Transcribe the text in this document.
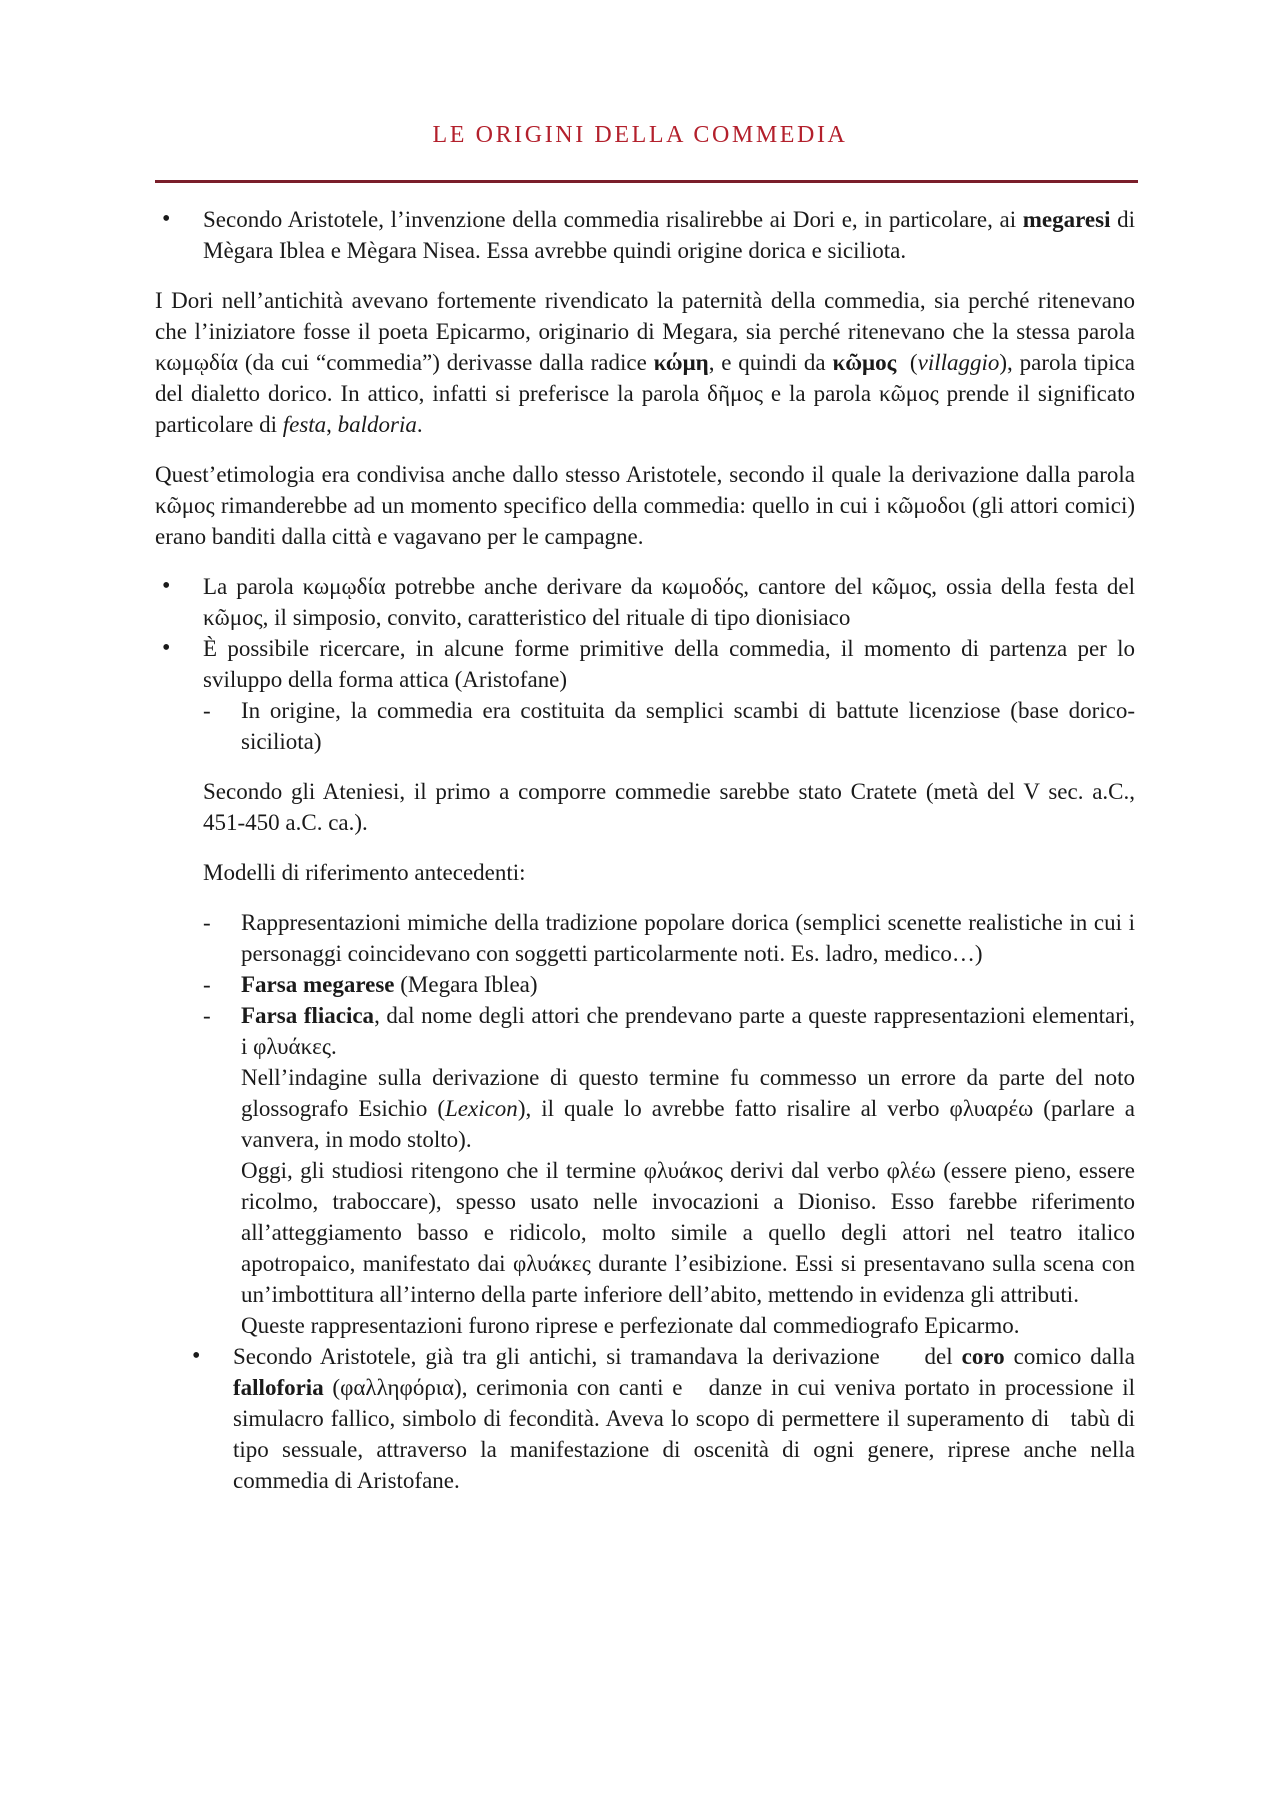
LE ORIGINI DELLA COMMEDIA
• Secondo Aristotele, l’invenzione della commedia risalirebbe ai Dori e, in particolare, ai megaresi di Mègara Iblea e Mègara Nisea. Essa avrebbe quindi origine dorica e siciliota.

I Dori nell’antichità avevano fortemente rivendicato la paternità della commedia, sia perché ritenevano che l’iniziatore fosse il poeta Epicarmo, originario di Megara, sia perché ritenevano che la stessa parola κωμῳδία (da cui “commedia”) derivasse dalla radice κώμη, e quindi da κῶμος  (villaggio), parola tipica del dialetto dorico. In attico, infatti si preferisce la parola δῆμος e la parola κῶμος prende il significato particolare di festa, baldoria.

Quest’etimologia era condivisa anche dallo stesso Aristotele, secondo il quale la derivazione dalla parola κῶμος rimanderebbe ad un momento specifico della commedia: quello in cui i κῶμοδοι (gli attori comici) erano banditi dalla città e vagavano per le campagne.

• La parola κωμῳδία potrebbe anche derivare da κωμοδός, cantore del κῶμος, ossia della festa del κῶμος, il simposio, convito, caratteristico del rituale di tipo dionisiaco
• È possibile ricercare, in alcune forme primitive della commedia, il momento di partenza per lo sviluppo della forma attica (Aristofane)
- In origine, la commedia era costituita da semplici scambi di battute licenziose (base dorico-siciliota)

Secondo gli Ateniesi, il primo a comporre commedie sarebbe stato Cratete (metà del V sec. a.C., 451-450 a.C. ca.).

Modelli di riferimento antecedenti:

- Rappresentazioni mimiche della tradizione popolare dorica (semplici scenette realistiche in cui i personaggi coincidevano con soggetti particolarmente noti. Es. ladro, medico…)
- Farsa megarese (Megara Iblea)

- Farsa fliacica, dal nome degli attori che prendevano parte a queste rappresentazioni elementari, i φλυάκες.

Nell’indagine sulla derivazione di questo termine fu commesso un errore da parte del noto glossografo Esichio (Lexicon), il quale lo avrebbe fatto risalire al verbo φλυαρέω (parlare a vanvera, in modo stolto).

Oggi, gli studiosi ritengono che il termine φλυάκος derivi dal verbo φλέω (essere pieno, essere ricolmo, traboccare), spesso usato nelle invocazioni a Dioniso. Esso farebbe riferimento all’atteggiamento basso e ridicolo, molto simile a quello degli attori nel teatro italico apotropaico, manifestato dai φλυάκες durante l’esibizione. Essi si presentavano sulla scena con un’imbottitura all’interno della parte inferiore dell’abito, mettendo in evidenza gli attributi.

Queste rappresentazioni furono riprese e perfezionate dal commediografo Epicarmo.

• Secondo Aristotele, già tra gli antichi, si tramandava la derivazione     del coro comico dalla falloforia (φαλληφόρια), cerimonia con canti e   danze in cui veniva portato in processione il simulacro fallico, simbolo di fecondità. Aveva lo scopo di permettere il superamento di   tabù di tipo sessuale, attraverso la manifestazione di oscenità di ogni genere, riprese anche nella commedia di Aristofane.
